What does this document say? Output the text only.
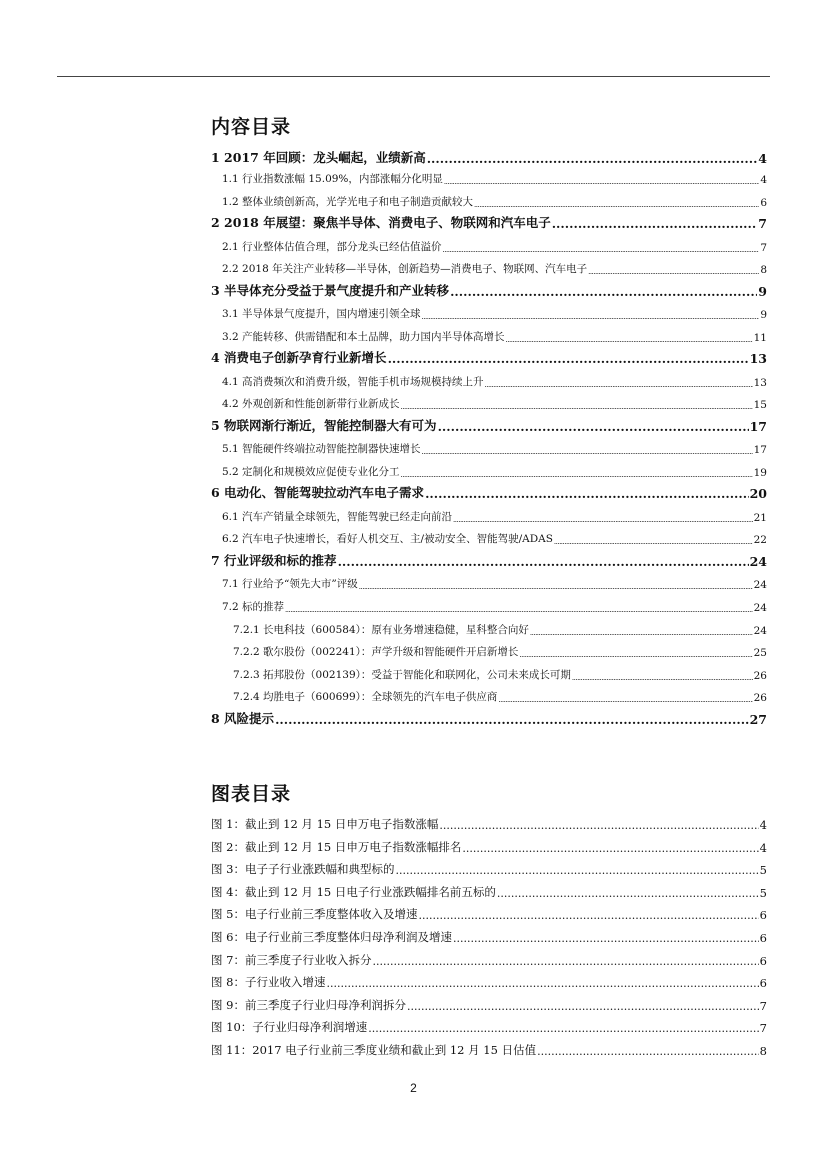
内容目录
1 2017 年回顾：龙头崛起，业绩新高 .....	4
1.1 行业指数涨幅 15.09%，内部涨幅分化明显 .....	4
1.2 整体业绩创新高，光学光电子和电子制造贡献较大 .....	6
2 2018 年展望：聚焦半导体、消费电子、物联网和汽车电子 .....	7
2.1 行业整体估值合理，部分龙头已经估值溢价 .....	7
2.2 2018 年关注产业转移—半导体，创新趋势—消费电子、物联网、汽车电子 .....	8
3 半导体充分受益于景气度提升和产业转移 .....	9
3.1 半导体景气度提升，国内增速引领全球 .....	9
3.2 产能转移、供需错配和本土品牌，助力国内半导体高增长 .....	11
4 消费电子创新孕育行业新增长 .....	13
4.1 高消费频次和消费升级，智能手机市场规模持续上升 .....	13
4.2 外观创新和性能创新带行业新成长 .....	15
5 物联网渐行渐近，智能控制器大有可为 .....	17
5.1 智能硬件终端拉动智能控制器快速增长 .....	17
5.2 定制化和规模效应促使专业化分工 .....	19
6 电动化、智能驾驶拉动汽车电子需求 .....	20
6.1 汽车产销量全球领先，智能驾驶已经走向前沿 .....	21
6.2 汽车电子快速增长，看好人机交互、主/被动安全、智能驾驶/ADAS .....	22
7 行业评级和标的推荐 .....	24
7.1 行业给予“领先大市”评级 .....	24
7.2 标的推荐 .....	24
7.2.1 长电科技（600584）：原有业务增速稳健，星科整合向好 .....	24
7.2.2 歌尔股份（002241）：声学升级和智能硬件开启新增长 .....	25
7.2.3 拓邦股份（002139）：受益于智能化和联网化，公司未来成长可期 .....	26
7.2.4 均胜电子（600699）：全球领先的汽车电子供应商 .....	26
8 风险提示 .....	27
图表目录
图 1：截止到 12 月 15 日申万电子指数涨幅 .....	4
图 2：截止到 12 月 15 日申万电子指数涨幅排名 .....	4
图 3：电子子行业涨跌幅和典型标的 .....	5
图 4：截止到 12 月 15 日电子行业涨跌幅排名前五标的 .....	5
图 5：电子行业前三季度整体收入及增速 .....	6
图 6：电子行业前三季度整体归母净利润及增速 .....	6
图 7：前三季度子行业收入拆分 .....	6
图 8：子行业收入增速 .....	6
图 9：前三季度子行业归母净利润拆分 .....	7
图 10：子行业归母净利润增速 .....	7
图 11：2017 电子行业前三季度业绩和截止到 12 月 15 日估值 .....	8
2
